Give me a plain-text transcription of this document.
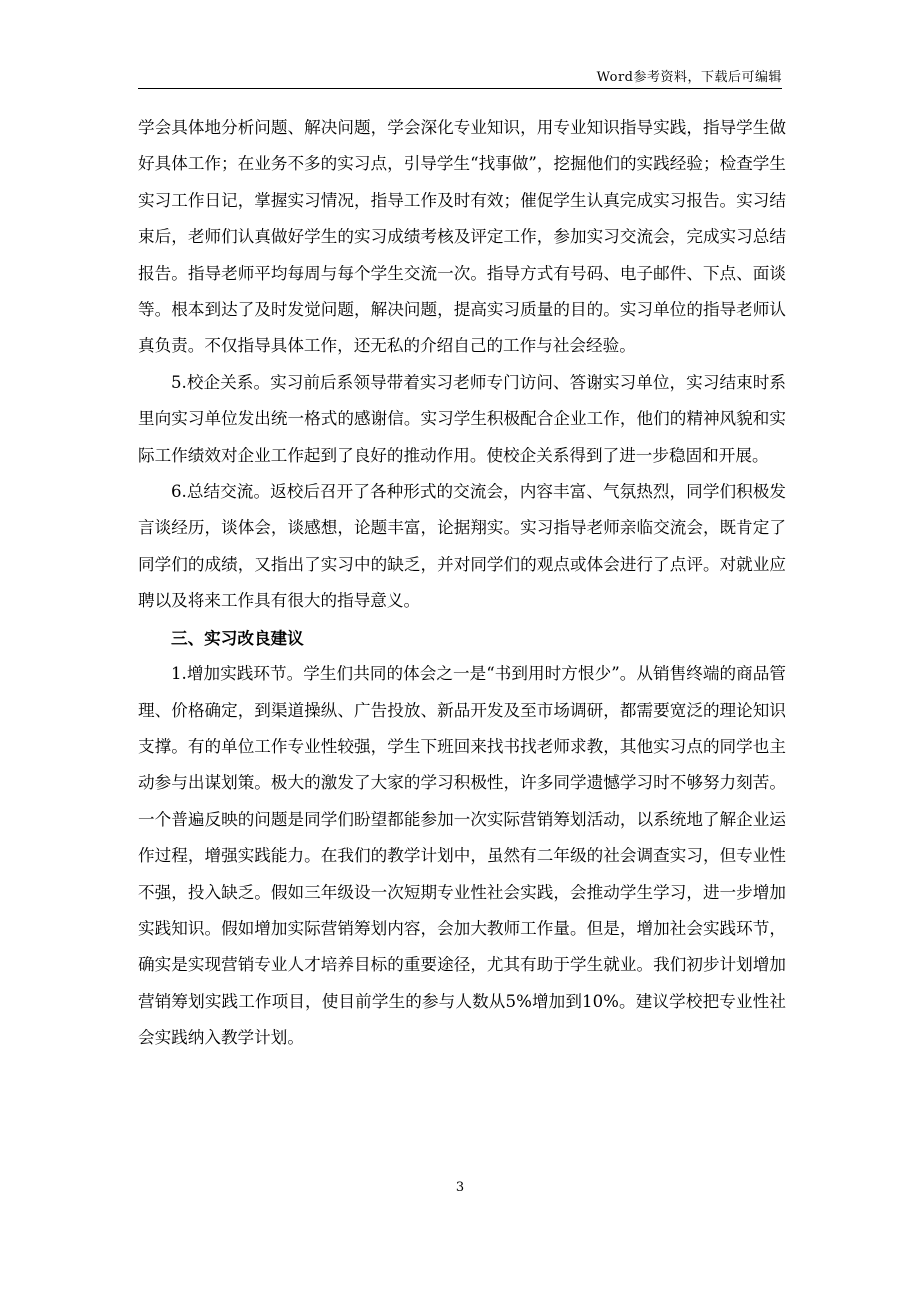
Word参考资料，下载后可编辑

学会具体地分析问题、解决问题，学会深化专业知识，用专业知识指导实践，指导学生做好具体工作；在业务不多的实习点，引导学生“找事做”，挖掘他们的实践经验；检查学生实习工作日记，掌握实习情况，指导工作及时有效；催促学生认真完成实习报告。实习结束后，老师们认真做好学生的实习成绩考核及评定工作，参加实习交流会，完成实习总结报告。指导老师平均每周与每个学生交流一次。指导方式有号码、电子邮件、下点、面谈等。根本到达了及时发觉问题，解决问题，提高实习质量的目的。实习单位的指导老师认真负责。不仅指导具体工作，还无私的介绍自己的工作与社会经验。

5.校企关系。实习前后系领导带着实习老师专门访问、答谢实习单位，实习结束时系里向实习单位发出统一格式的感谢信。实习学生积极配合企业工作，他们的精神风貌和实际工作绩效对企业工作起到了良好的推动作用。使校企关系得到了进一步稳固和开展。

6.总结交流。返校后召开了各种形式的交流会，内容丰富、气氛热烈，同学们积极发言谈经历，谈体会，谈感想，论题丰富，论据翔实。实习指导老师亲临交流会，既肯定了同学们的成绩，又指出了实习中的缺乏，并对同学们的观点或体会进行了点评。对就业应聘以及将来工作具有很大的指导意义。

三、实习改良建议

1.增加实践环节。学生们共同的体会之一是“书到用时方恨少”。从销售终端的商品管理、价格确定，到渠道操纵、广告投放、新品开发及至市场调研，都需要宽泛的理论知识支撑。有的单位工作专业性较强，学生下班回来找书找老师求教，其他实习点的同学也主动参与出谋划策。极大的激发了大家的学习积极性，许多同学遗憾学习时不够努力刻苦。一个普遍反映的问题是同学们盼望都能参加一次实际营销筹划活动，以系统地了解企业运作过程，增强实践能力。在我们的教学计划中，虽然有二年级的社会调查实习，但专业性不强，投入缺乏。假如三年级设一次短期专业性社会实践，会推动学生学习，进一步增加实践知识。假如增加实际营销筹划内容，会加大教师工作量。但是，增加社会实践环节，确实是实现营销专业人才培养目标的重要途径，尤其有助于学生就业。我们初步计划增加营销筹划实践工作项目，使目前学生的参与人数从5%增加到10%。建议学校把专业性社会实践纳入教学计划。

3
